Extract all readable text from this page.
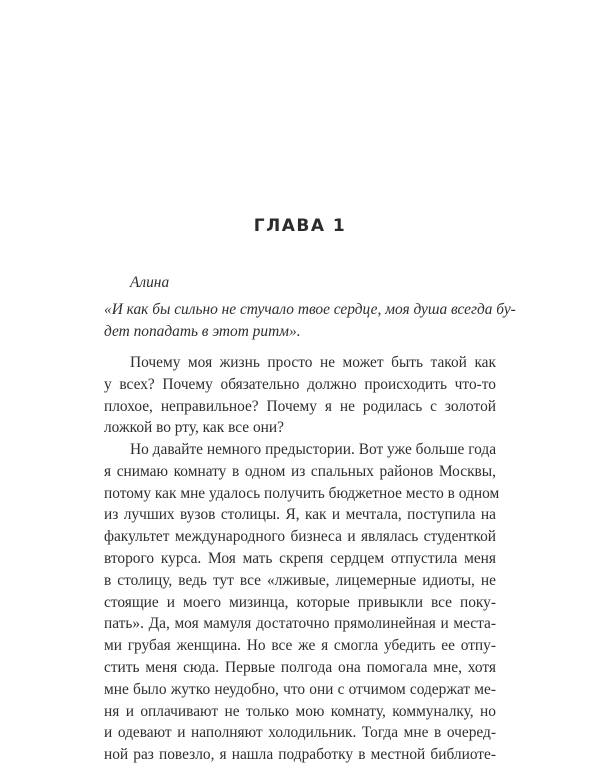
ГЛАВА 1
Алина
«И как бы сильно не стучало твое сердце, моя душа всегда бу-
дет попадать в этот ритм».
Почему моя жизнь просто не может быть такой как
у всех? Почему обязательно должно происходить что-то
плохое, неправильное? Почему я не родилась с золотой
ложкой во рту, как все они?
Но давайте немного предыстории. Вот уже больше года
я снимаю комнату в одном из спальных районов Москвы,
потому как мне удалось получить бюджетное место в одном
из лучших вузов столицы. Я, как и мечтала, поступила на
факультет международного бизнеса и являлась студенткой
второго курса. Моя мать скрепя сердцем отпустила меня
в столицу, ведь тут все «лживые, лицемерные идиоты, не
стоящие и моего мизинца, которые привыкли все поку-
пать». Да, моя мамуля достаточно прямолинейная и места-
ми грубая женщина. Но все же я смогла убедить ее отпу-
стить меня сюда. Первые полгода она помогала мне, хотя
мне было жутко неудобно, что они с отчимом содержат ме-
ня и оплачивают не только мою комнату, коммуналку, но
и одевают и наполняют холодильник. Тогда мне в очеред-
ной раз повезло, я нашла подработку в местной библиоте-
